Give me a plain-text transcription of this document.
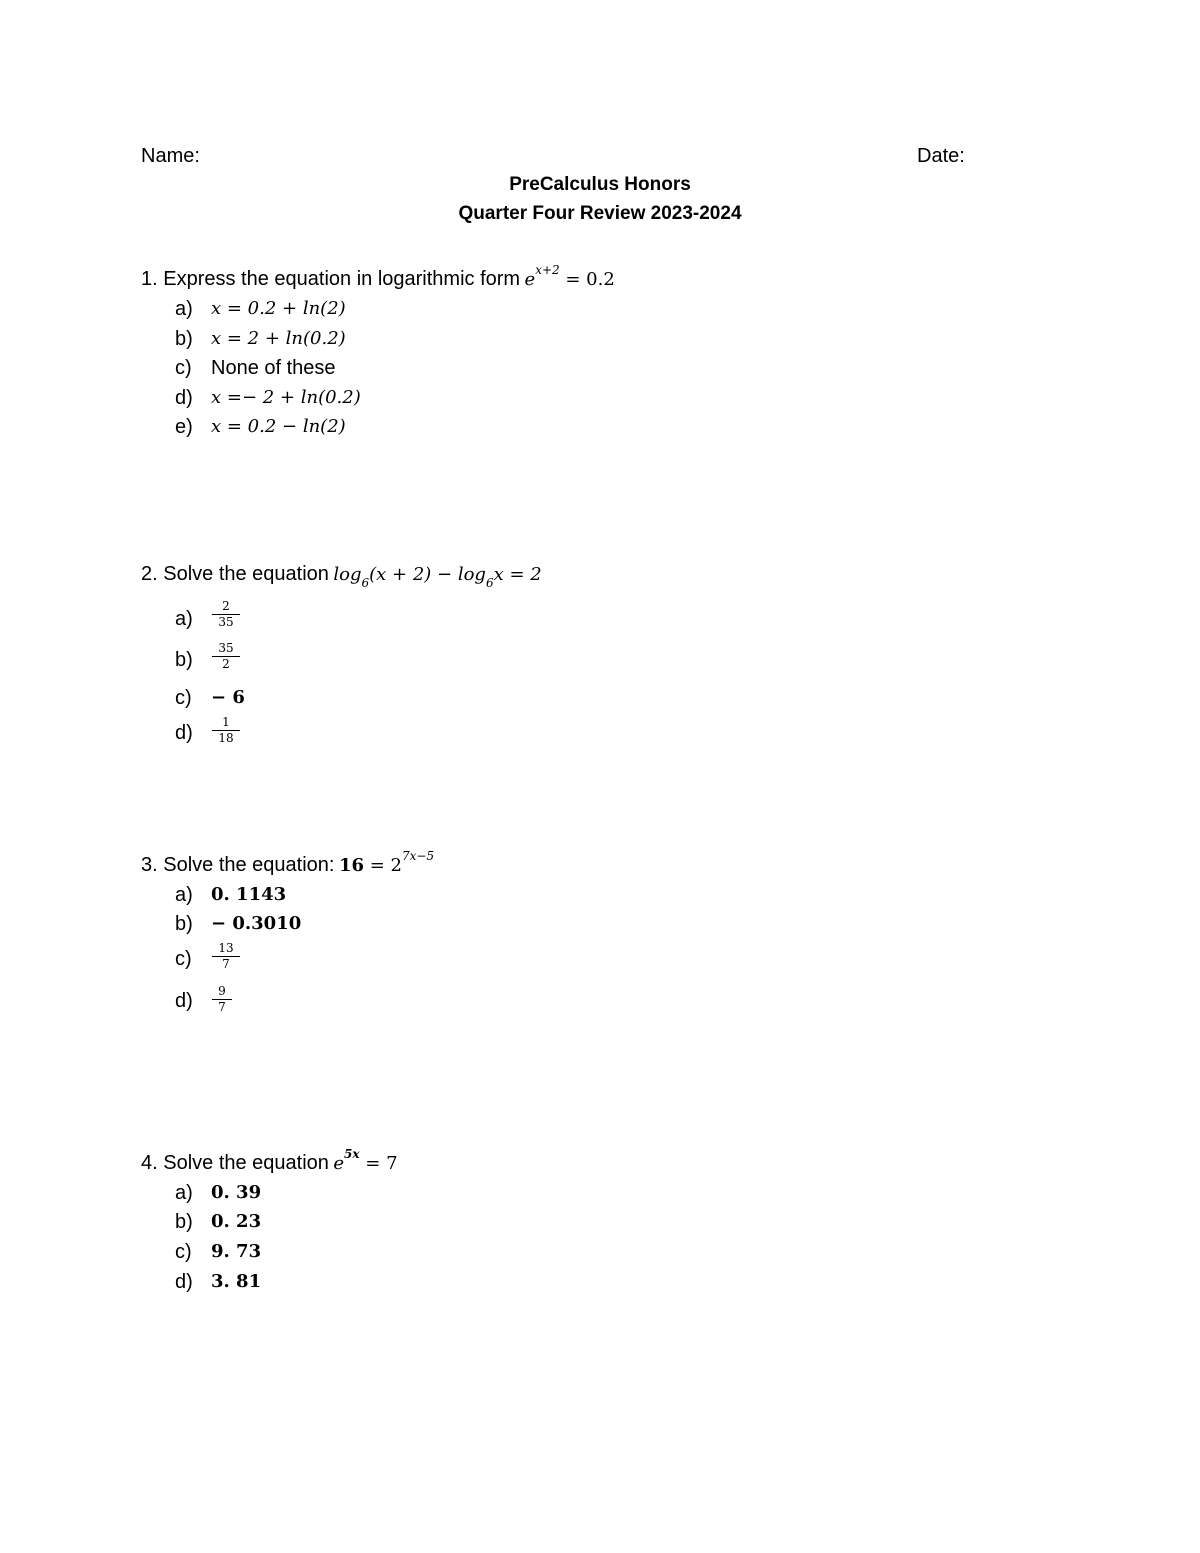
Name:	Date:
PreCalculus Honors
Quarter Four Review 2023-2024
1. Express the equation in logarithmic form $e^{x+2} = 0.2$
a) x = 0.2 + ln(2)
b) x = 2 + ln(0.2)
c) None of these
d) x =− 2 + ln(0.2)
e) x = 0.2 − ln(2)
2. Solve the equation $\log_6(x + 2) - \log_6x = 2$
a)
2
35
b)
35
2
c) − 6
d)	1
18
3. Solve the equation: $16 = 2^{7x-5}$
a) 0. 1143
b) − 0.3010
c)	13
7
d)	9
7
4. Solve the equation $e^{5x} = 7$
a) 0. 39
b) 0. 23
c) 9. 73
d) 3. 81
